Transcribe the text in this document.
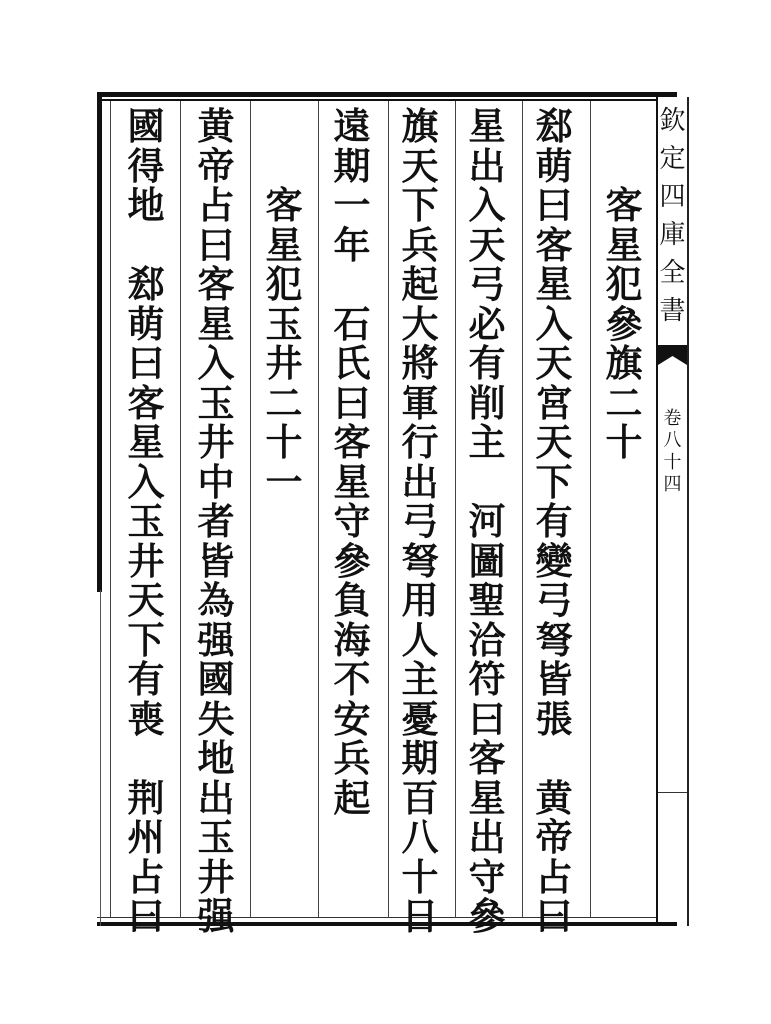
欽
定
四
庫
全
書
卷
八
十
四
客
星
犯
參
旗
二
十
郄
萌
曰
客
星
入
天
宮
天
下
有
變
弓
弩
皆
張
黄
帝
占
曰
星
出
入
天
弓
必
有
削
主
河
圖
聖
洽
符
曰
客
星
出
守
參
旗
天
下
兵
起
大
將
軍
行
出
弓
弩
用
人
主
憂
期
百
八
十
日
遠
期
一
年
石
氏
曰
客
星
守
參
負
海
不
安
兵
起
客
星
犯
玉
井
二
十
一
黄
帝
占
曰
客
星
入
玉
井
中
者
皆
為
强
國
失
地
出
玉
井
强
國
得
地
郄
萌
曰
客
星
入
玉
井
天
下
有
喪
荆
州
占
曰
